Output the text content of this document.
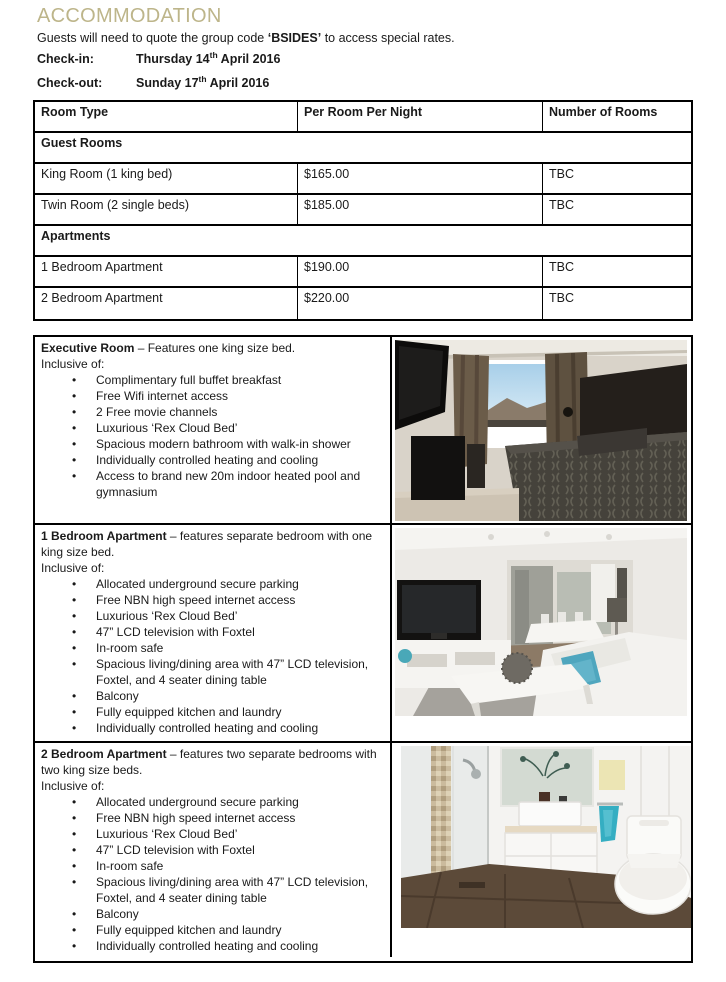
ACCOMMODATION

Guests will need to quote the group code ‘BSIDES’ to access special rates.

Check-in:	Thursday 14th April 2016

Check-out:	Sunday 17th April 2016

Room Type	Per Room Per Night	Number of Rooms
Guest Rooms
King Room (1 king bed)	$165.00	TBC
Twin Room (2 single beds)	$185.00	TBC
Apartments
1 Bedroom Apartment	$190.00	TBC
2 Bedroom Apartment	$220.00	TBC

Executive Room – Features one king size bed.

Inclusive of:

• Complimentary full buffet breakfast
• Free Wifi internet access
• 2 Free movie channels
• Luxurious ‘Rex Cloud Bed’
• Spacious modern bathroom with walk-in shower
• Individually controlled heating and cooling
• Access to brand new 20m indoor heated pool and gymnasium

1 Bedroom Apartment – features separate bedroom with one king size bed.

Inclusive of:

• Allocated underground secure parking
• Free NBN high speed internet access
• Luxurious ‘Rex Cloud Bed’
• 47” LCD television with Foxtel
• In-room safe
• Spacious living/dining area with 47” LCD television, Foxtel, and 4 seater dining table
• Balcony
• Fully equipped kitchen and laundry
• Individually controlled heating and cooling

2 Bedroom Apartment – features two separate bedrooms with two king size beds.

Inclusive of:

• Allocated underground secure parking
• Free NBN high speed internet access
• Luxurious ‘Rex Cloud Bed’
• 47” LCD television with Foxtel
• In-room safe
• Spacious living/dining area with 47” LCD television, Foxtel, and 4 seater dining table
• Balcony
• Fully equipped kitchen and laundry
• Individually controlled heating and cooling
